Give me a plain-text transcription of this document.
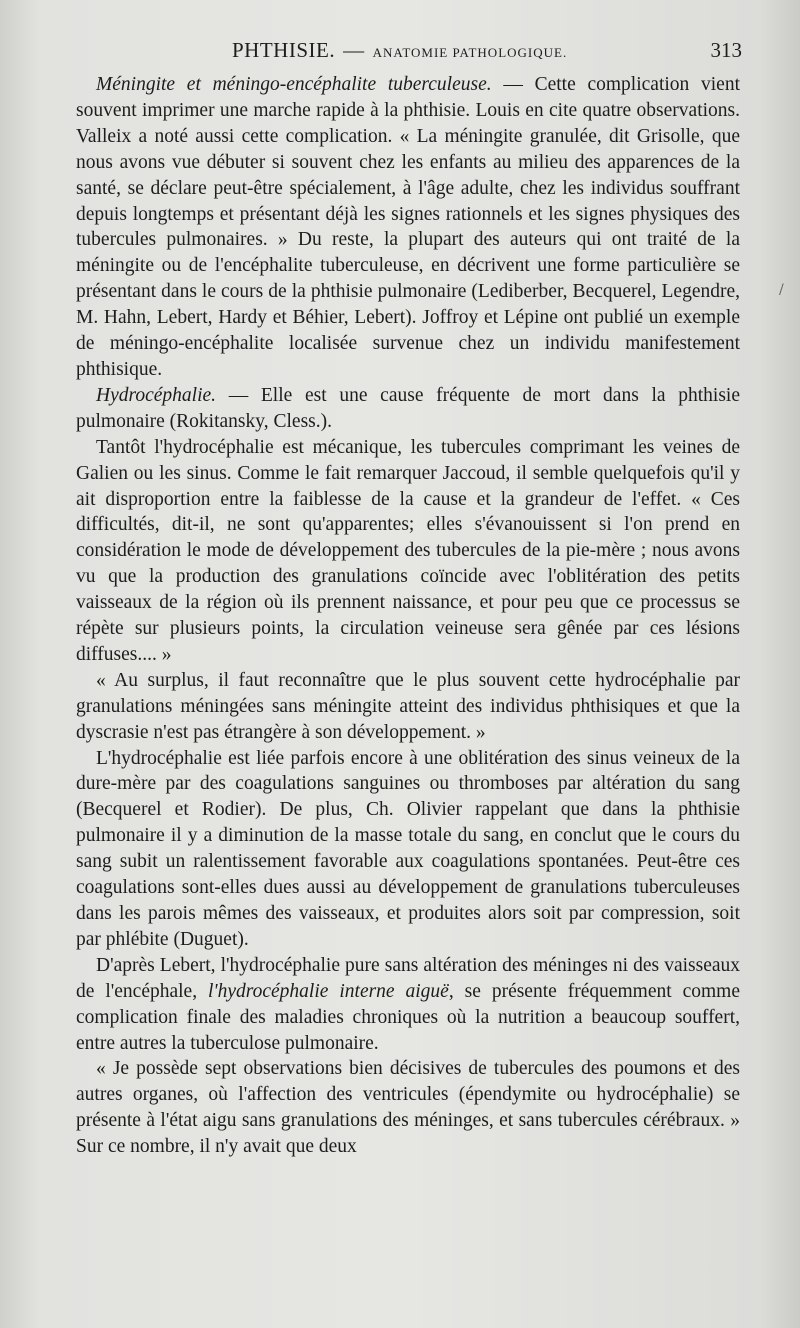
PHTHISIE. — ANATOMIE PATHOLOGIQUE.	313
/

Méningite et méningo-encéphalite tuberculeuse. — Cette complication vient souvent imprimer une marche rapide à la phthisie. Louis en cite quatre observations. Valleix a noté aussi cette complication. « La méningite granulée, dit Grisolle, que nous avons vue débuter si souvent chez les enfants au milieu des apparences de la santé, se déclare peut-être spécialement, à l'âge adulte, chez les individus souffrant depuis longtemps et présentant déjà les signes rationnels et les signes physiques des tubercules pulmonaires. » Du reste, la plupart des auteurs qui ont traité de la méningite ou de l'encéphalite tuberculeuse, en décrivent une forme particulière se présentant dans le cours de la phthisie pulmonaire (Lediberber, Becquerel, Legendre, M. Hahn, Lebert, Hardy et Béhier, Lebert). Joffroy et Lépine ont publié un exemple de méningo-encéphalite localisée survenue chez un individu manifestement phthisique.

Hydrocéphalie. — Elle est une cause fréquente de mort dans la phthisie pulmonaire (Rokitansky, Cless.).

Tantôt l'hydrocéphalie est mécanique, les tubercules comprimant les veines de Galien ou les sinus. Comme le fait remarquer Jaccoud, il semble quelquefois qu'il y ait disproportion entre la faiblesse de la cause et la grandeur de l'effet. « Ces difficultés, dit-il, ne sont qu'apparentes; elles s'évanouissent si l'on prend en considération le mode de développement des tubercules de la pie-mère ; nous avons vu que la production des granulations coïncide avec l'oblitération des petits vaisseaux de la région où ils prennent naissance, et pour peu que ce processus se répète sur plusieurs points, la circulation veineuse sera gênée par ces lésions diffuses.... »

« Au surplus, il faut reconnaître que le plus souvent cette hydrocéphalie par granulations méningées sans méningite atteint des individus phthisiques et que la dyscrasie n'est pas étrangère à son développement. »

L'hydrocéphalie est liée parfois encore à une oblitération des sinus veineux de la dure-mère par des coagulations sanguines ou thromboses par altération du sang (Becquerel et Rodier). De plus, Ch. Olivier rappelant que dans la phthisie pulmonaire il y a diminution de la masse totale du sang, en conclut que le cours du sang subit un ralentissement favorable aux coagulations spontanées. Peut-être ces coagulations sont-elles dues aussi au développement de granulations tuberculeuses dans les parois mêmes des vaisseaux, et produites alors soit par compression, soit par phlébite (Duguet).

D'après Lebert, l'hydrocéphalie pure sans altération des méninges ni des vaisseaux de l'encéphale, l'hydrocéphalie interne aiguë, se présente fréquemment comme complication finale des maladies chroniques où la nutrition a beaucoup souffert, entre autres la tuberculose pulmonaire.

« Je possède sept observations bien décisives de tubercules des poumons et des autres organes, où l'affection des ventricules (épendymite ou hydrocéphalie) se présente à l'état aigu sans granulations des méninges, et sans tubercules cérébraux. » Sur ce nombre, il n'y avait que deux
